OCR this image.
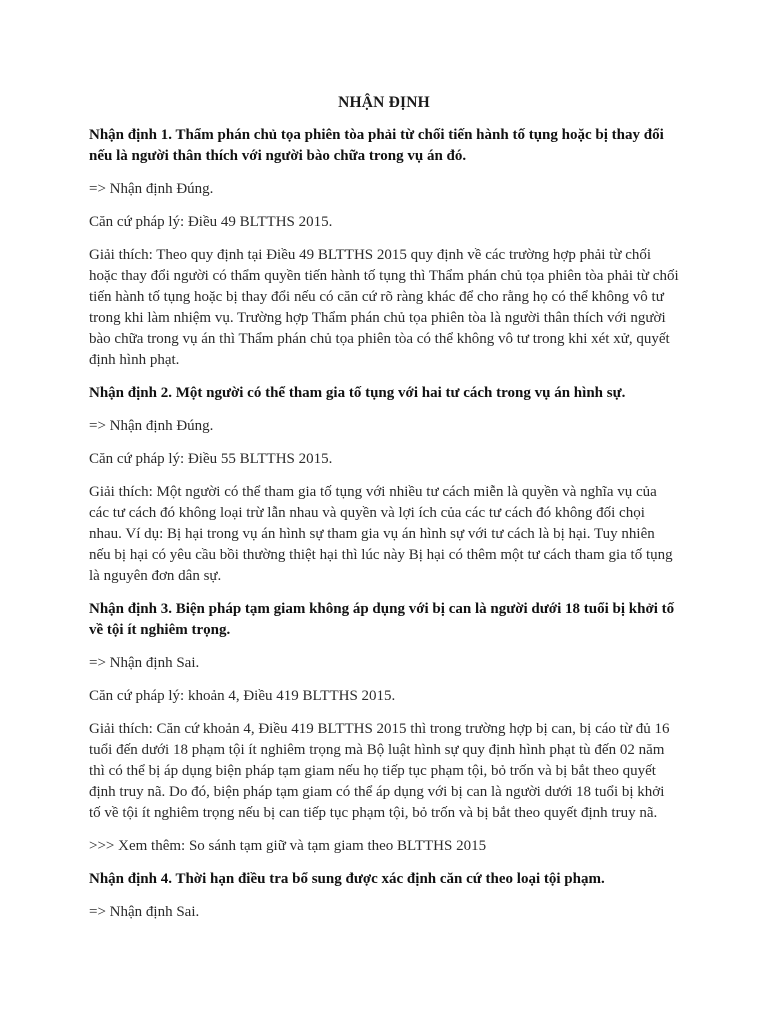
NHẬN ĐỊNH
Nhận định 1. Thẩm phán chủ tọa phiên tòa phải từ chối tiến hành tố tụng hoặc bị thay đổi nếu là người thân thích với người bào chữa trong vụ án đó.
=> Nhận định Đúng.
Căn cứ pháp lý: Điều 49 BLTTHS 2015.
Giải thích: Theo quy định tại Điều 49 BLTTHS 2015 quy định về các trường hợp phải từ chối hoặc thay đổi người có thẩm quyền tiến hành tố tụng thì Thẩm phán chủ tọa phiên tòa phải từ chối tiến hành tố tụng hoặc bị thay đổi nếu có căn cứ rõ ràng khác để cho rằng họ có thể không vô tư trong khi làm nhiệm vụ. Trường hợp Thẩm phán chủ tọa phiên tòa là người thân thích với người bào chữa trong vụ án thì Thẩm phán chủ tọa phiên tòa có thể không vô tư trong khi xét xử, quyết định hình phạt.
Nhận định 2. Một người có thể tham gia tố tụng với hai tư cách trong vụ án hình sự.
=> Nhận định Đúng.
Căn cứ pháp lý: Điều 55 BLTTHS 2015.
Giải thích: Một người có thể tham gia tố tụng với nhiều tư cách miễn là quyền và nghĩa vụ của các tư cách đó không loại trừ lẫn nhau và quyền và lợi ích của các tư cách đó không đối chọi nhau. Ví dụ: Bị hại trong vụ án hình sự tham gia vụ án hình sự với tư cách là bị hại. Tuy nhiên nếu bị hại có yêu cầu bồi thường thiệt hại thì lúc này Bị hại có thêm một tư cách tham gia tố tụng là nguyên đơn dân sự.
Nhận định 3. Biện pháp tạm giam không áp dụng với bị can là người dưới 18 tuổi bị khởi tố về tội ít nghiêm trọng.
=> Nhận định Sai.
Căn cứ pháp lý: khoản 4, Điều 419 BLTTHS 2015.
Giải thích: Căn cứ khoản 4, Điều 419 BLTTHS 2015 thì trong trường hợp bị can, bị cáo từ đủ 16 tuổi đến dưới 18 phạm tội ít nghiêm trọng mà Bộ luật hình sự quy định hình phạt tù đến 02 năm thì có thể bị áp dụng biện pháp tạm giam nếu họ tiếp tục phạm tội, bỏ trốn và bị bắt theo quyết định truy nã. Do đó, biện pháp tạm giam có thể áp dụng với bị can là người dưới 18 tuổi bị khởi tố về tội ít nghiêm trọng nếu bị can tiếp tục phạm tội, bỏ trốn và bị bắt theo quyết định truy nã.
>>> Xem thêm: So sánh tạm giữ và tạm giam theo BLTTHS 2015
Nhận định 4. Thời hạn điều tra bổ sung được xác định căn cứ theo loại tội phạm.
=> Nhận định Sai.
